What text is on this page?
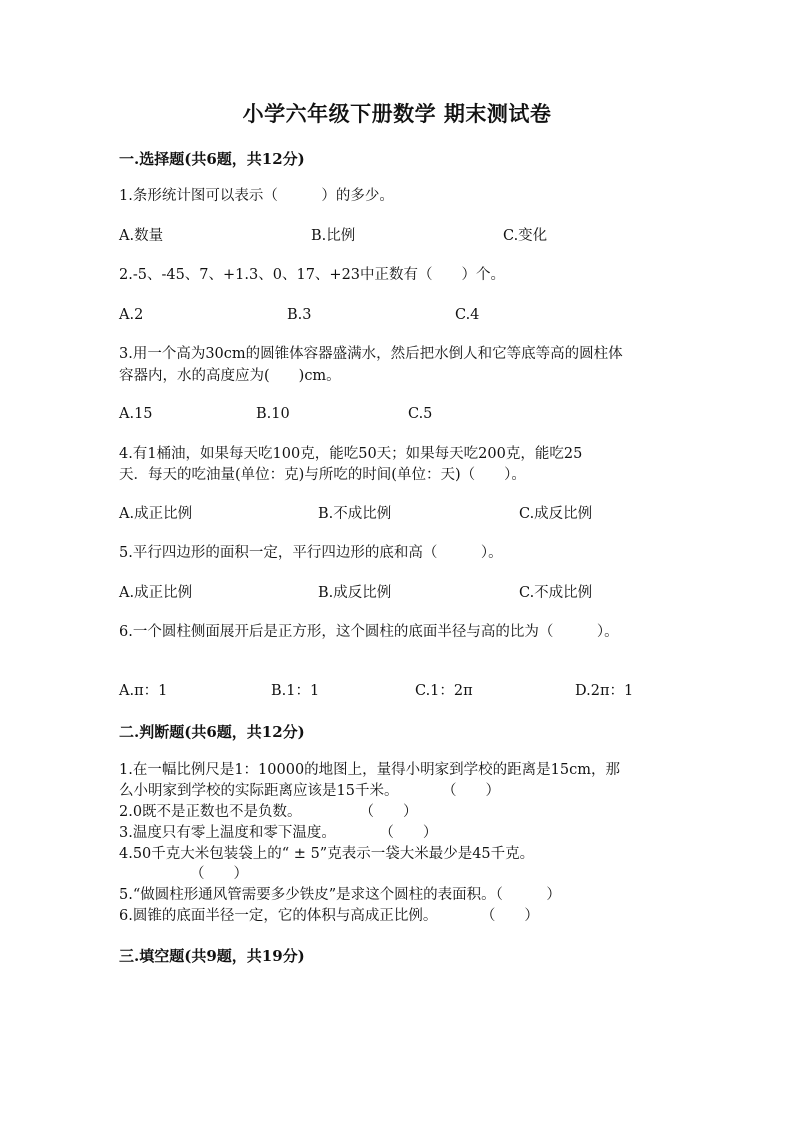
小学六年级下册数学 期末测试卷
一.选择题(共6题，共12分)
1.条形统计图可以表示（　　　）的多少。
A.数量	B.比例	C.变化
2.-5、-45、7、+1.3、0、17、+23中正数有（　　）个。
A.2	B.3	C.4
3.用一个高为30cm的圆锥体容器盛满水，然后把水倒人和它等底等高的圆柱体
容器内，水的高度应为(　　)cm。
A.15	B.10	C.5
4.有1桶油，如果每天吃100克，能吃50天；如果每天吃200克，能吃25
天．每天的吃油量(单位：克)与所吃的时间(单位：天)（　　）。
A.成正比例	B.不成比例	C.成反比例
5.平行四边形的面积一定，平行四边形的底和高（　　　）。
A.成正比例	B.成反比例	C.不成比例
6.一个圆柱侧面展开后是正方形，这个圆柱的底面半径与高的比为（　　　）。
A.π：1	B.1：1	C.1：2π	D.2π：1
二.判断题(共6题，共12分)
1.在一幅比例尺是1：10000的地图上，量得小明家到学校的距离是15cm，那
么小明家到学校的实际距离应该是15千米。　　　　（　　）
2.0既不是正数也不是负数。　　　　　（　　）
3.温度只有零上温度和零下温度。　　　　（　　）
4.50千克大米包装袋上的“ ± 5”克表示一袋大米最少是45千克。
（　　）
5.“做圆柱形通风管需要多少铁皮”是求这个圆柱的表面积。（　　　）
6.圆锥的底面半径一定，它的体积与高成正比例。　　　　（　　）
三.填空题(共9题，共19分)
